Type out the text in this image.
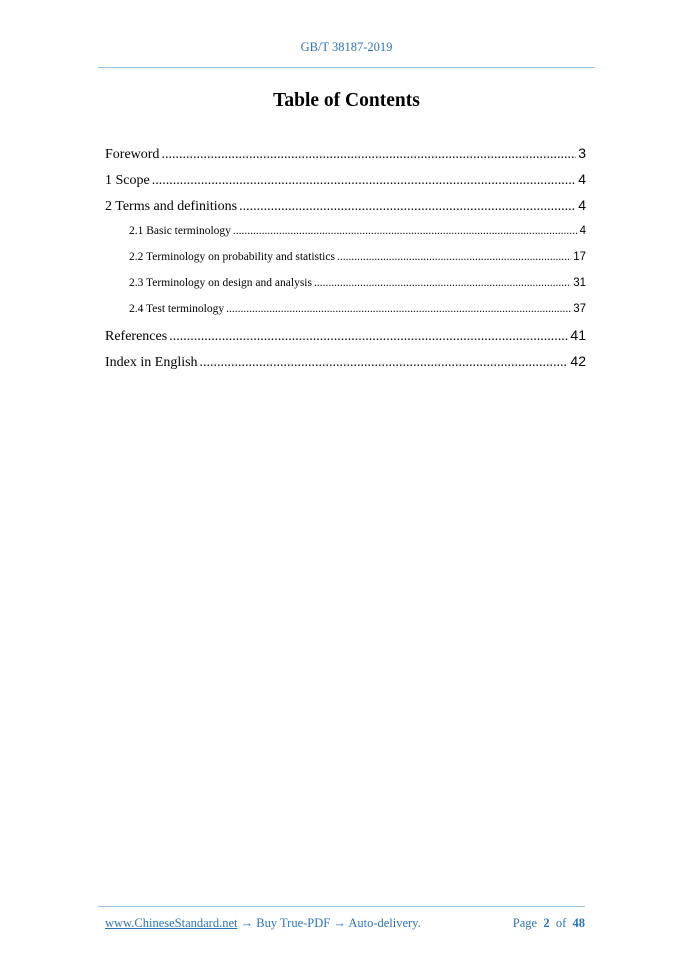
GB/T 38187-2019
Table of Contents
Foreword .....	3
1 Scope .....	4
2 Terms and definitions .....	4
2.1 Basic terminology .....	4
2.2 Terminology on probability and statistics .....	17
2.3 Terminology on design and analysis .....	31
2.4 Test terminology .....	37
References .....	41
Index in English .....	42
www.ChineseStandard.net → Buy True-PDF → Auto-delivery.	Page 2 of 48
